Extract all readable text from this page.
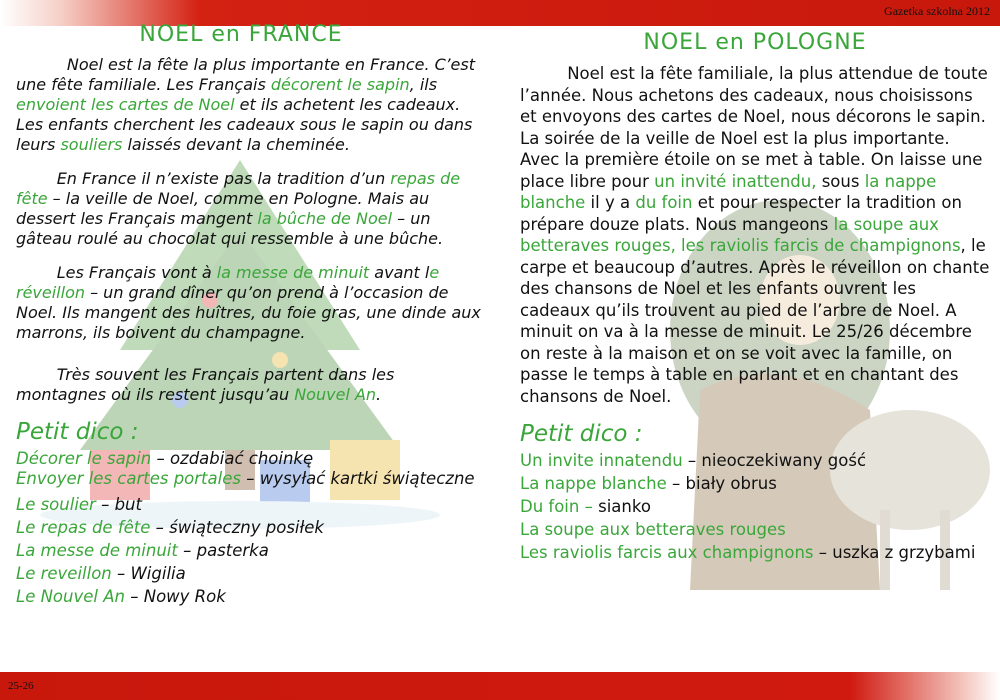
Gazetka szkolna 2012
NOEL en FRANCE

Noel est la fête la plus importante en France. C’est une fête familiale. Les Français décorent le sapin, ils envoient les cartes de Noel et ils achetent les cadeaux. Les enfants cherchent les cadeaux sous le sapin ou dans leurs souliers laissés devant la cheminée.

En France il n’existe pas la tradition d’un repas de fête – la veille de Noel, comme en Pologne. Mais au dessert les Français mangent la bûche de Noel – un gâteau roulé au chocolat qui ressemble à une bûche.

Les Français vont à la messe de minuit avant le réveillon – un grand dîner qu’on prend à l’occasion de Noel. Ils mangent des huîtres, du foie gras, une dinde aux marrons, ils boivent du champagne.

Très souvent les Français partent dans les montagnes où ils restent jusqu’au Nouvel An.

Petit dico :
Décorer le sapin – ozdabiać choinkę
Envoyer les cartes portales – wysyłać kartki świąteczne
Le soulier – but
Le repas de fête – świąteczny posiłek
La messe de minuit – pasterka
Le reveillon – Wigilia
Le Nouvel An – Nowy Rok
NOEL en POLOGNE

Noel est la fête familiale, la plus attendue de toute l’année. Nous achetons des cadeaux, nous choisissons et envoyons des cartes de Noel, nous décorons le sapin. La soirée de la veille de Noel est la plus importante. Avec la première étoile on se met à table. On laisse une place libre pour un invité inattendu, sous la nappe blanche il y a du foin et pour respecter la tradition on prépare douze plats. Nous mangeons la soupe aux betteraves rouges, les raviolis farcis de champignons, le carpe et beaucoup d’autres. Après le réveillon on chante des chansons de Noel et les enfants ouvrent les cadeaux qu’ils trouvent au pied de l’arbre de Noel. A minuit on va à la messe de minuit. Le 25/26 décembre on reste à la maison et on se voit avec la famille, on passe le temps à table en parlant et en chantant des chansons de Noel.

Petit dico :
Un invite innatendu – nieoczekiwany gość
La nappe blanche – biały obrus
Du foin – sianko
La soupe aux betteraves rouges
Les raviolis farcis aux champignons – uszka z grzybami
25-26
